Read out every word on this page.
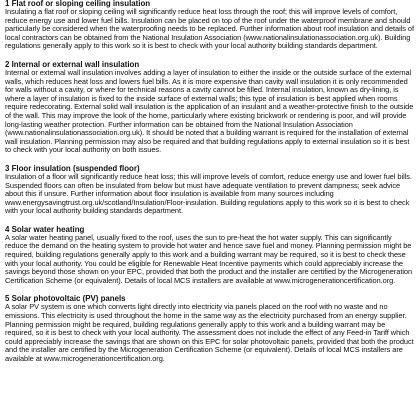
1 Flat roof or sloping ceiling insulation

Insulating a flat roof or sloping ceiling will significantly reduce heat loss through the roof; this will improve levels of comfort, reduce energy use and lower fuel bills. Insulation can be placed on top of the roof under the waterproof membrane and should particularly be considered when the waterproofing needs to be replaced. Further information about roof insulation and details of local contractors can be obtained from the National Insulation Association (www.nationalinsulationassociation.org.uk). Building regulations generally apply to this work so it is best to check with your local authority building standards department.

2 Internal or external wall insulation

Internal or external wall insulation involves adding a layer of insulation to either the inside or the outside surface of the external walls, which reduces heat loss and lowers fuel bills. As it is more expensive than cavity wall insulation it is only recommended for walls without a cavity, or where for technical reasons a cavity cannot be filled. Internal insulation, known as dry-lining, is where a layer of insulation is fixed to the inside surface of external walls; this type of insulation is best applied when rooms require redecorating. External solid wall insulation is the application of an insulant and a weather-protective finish to the outside of the wall. This may improve the look of the home, particularly where existing brickwork or rendering is poor, and will provide long-lasting weather protection. Further information can be obtained from the National Insulation Association (www.nationalinsulationassociation.org.uk). It should be noted that a building warrant is required for the installation of external wall insulation. Planning permission may also be required and that building regulations apply to external insulation so it is best to check with your local authority on both issues.

3 Floor insulation (suspended floor)

Insulation of a floor will significantly reduce heat loss; this will improve levels of comfort, reduce energy use and lower fuel bills. Suspended floors can often be insulated from below but must have adequate ventilation to prevent dampness; seek advice about this if unsure. Further information about floor insulation is available from many sources including www.energysavingtrust.org.uk/scotland/Insulation/Floor-insulation. Building regulations apply to this work so it is best to check with your local authority building standards department.

4 Solar water heating

A solar water heating panel, usually fixed to the roof, uses the sun to pre-heat the hot water supply. This can significantly reduce the demand on the heating system to provide hot water and hence save fuel and money. Planning permission might be required, building regulations generally apply to this work and a building warrant may be required, so it is best to check these with your local authority. You could be eligible for Renewable Heat Incentive payments which could appreciably increase the savings beyond those shown on your EPC, provided that both the product and the installer are certified by the Microgeneration Certification Scheme (or equivalent). Details of local MCS installers are available at www.microgenerationcertification.org.

5 Solar photovoltaic (PV) panels

A solar PV system is one which converts light directly into electricity via panels placed on the roof with no waste and no emissions. This electricity is used throughout the home in the same way as the electricity purchased from an energy supplier. Planning permission might be required, building regulations generally apply to this work and a building warrant may be required, so it is best to check with your local authority. The assessment does not include the effect of any Feed-in Tariff which could appreciably increase the savings that are shown on this EPC for solar photovoltaic panels, provided that both the product and the installer are certified by the Microgeneration Certification Scheme (or equivalent). Details of local MCS installers are available at www.microgenerationcertification.org.
